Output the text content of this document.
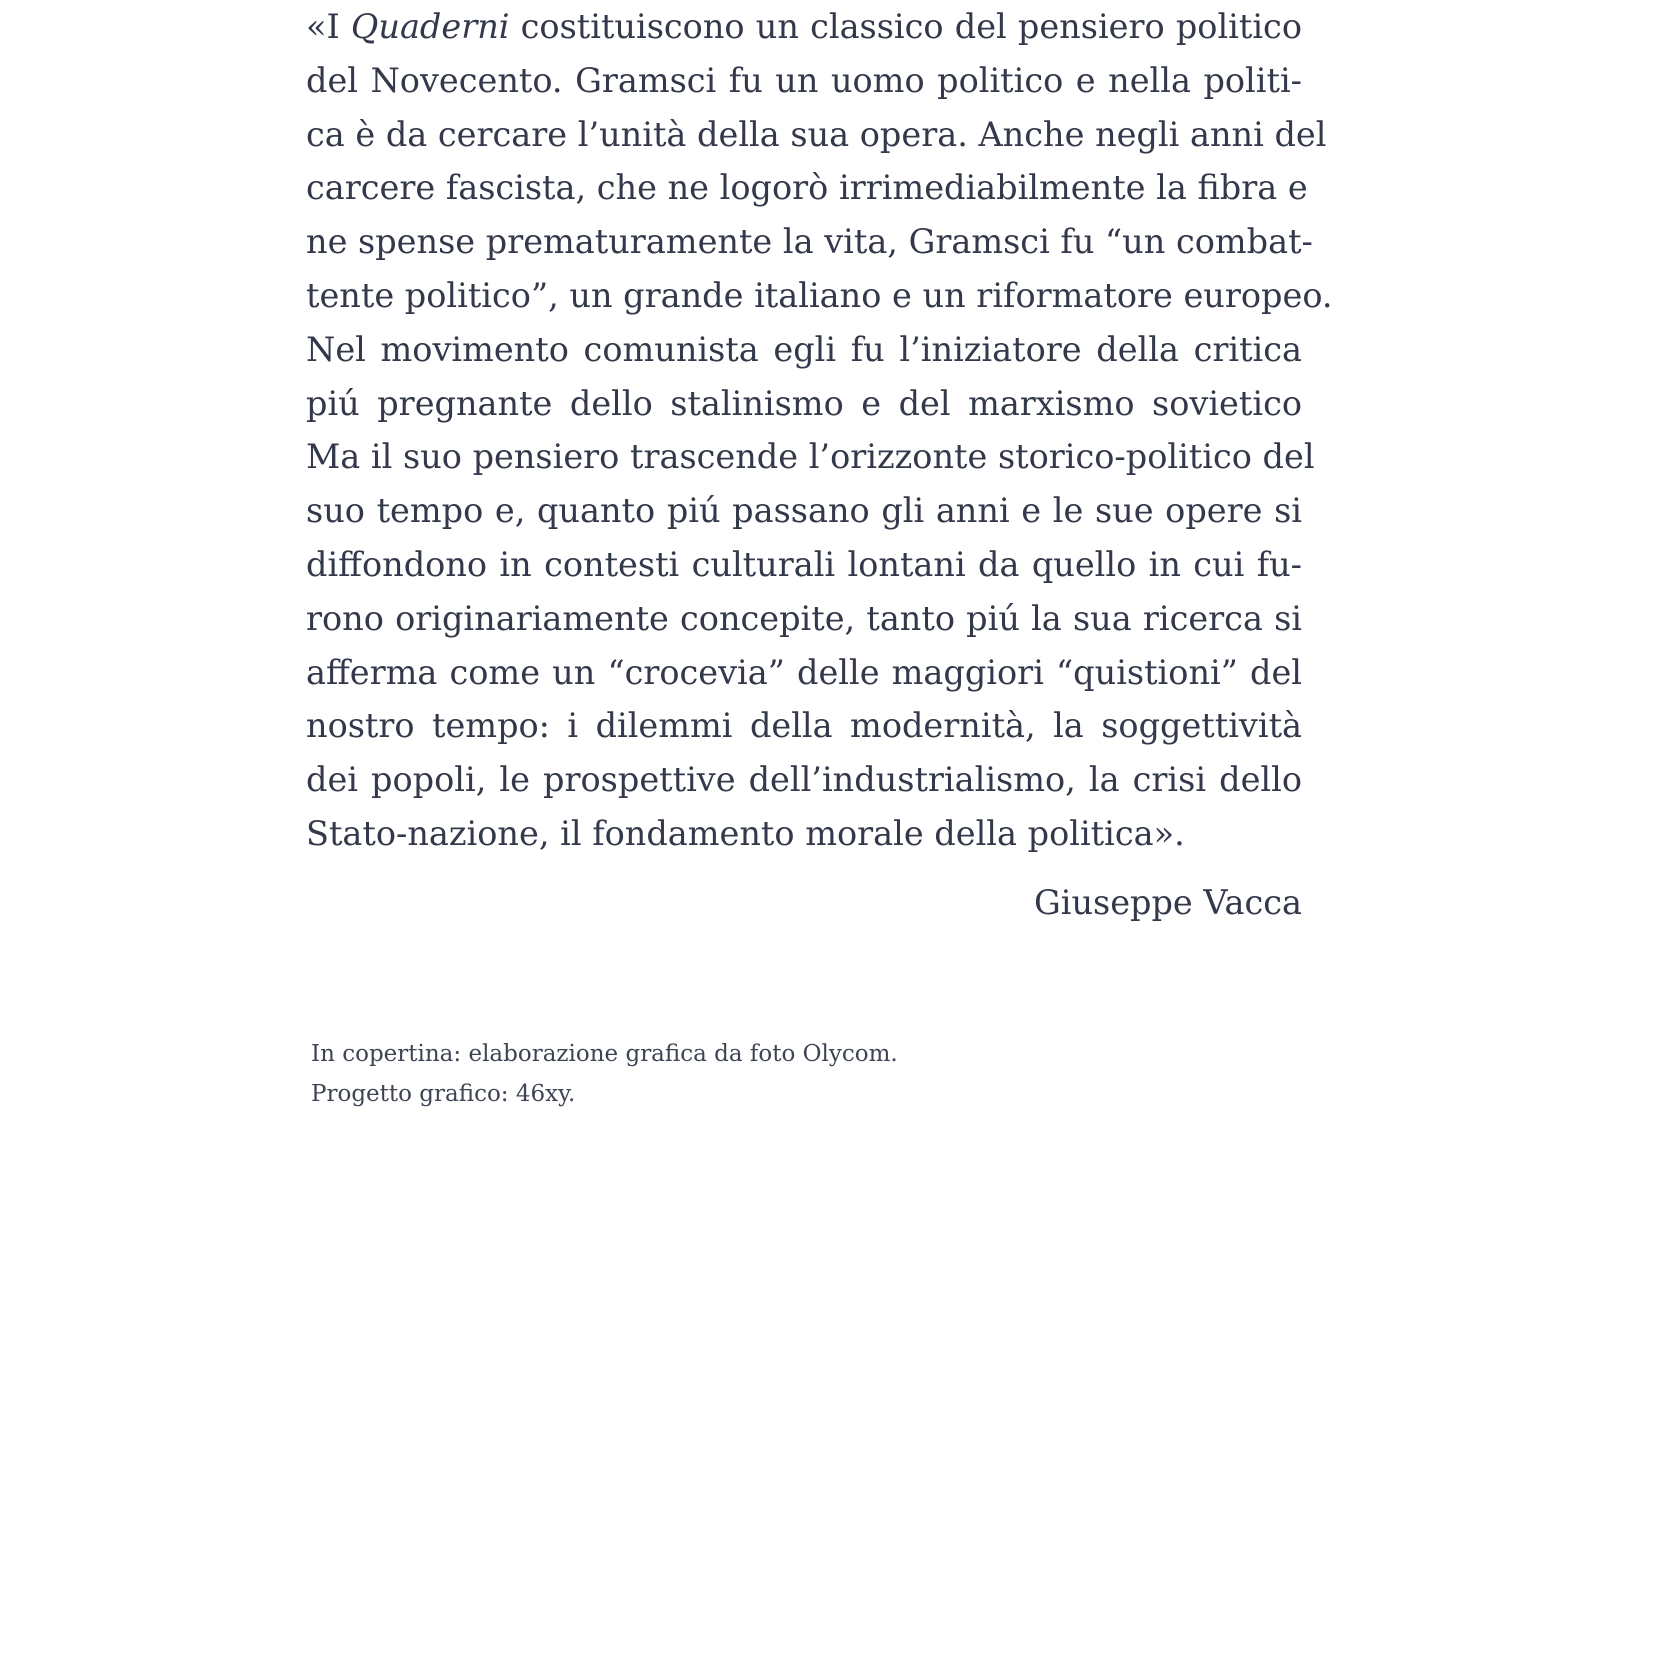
«I Quaderni costituiscono un classico del pensiero politico
del Novecento. Gramsci fu un uomo politico e nella politi-
ca è da cercare l’unità della sua opera. Anche negli anni del
carcere fascista, che ne logorò irrimediabilmente la fibra e
ne spense prematuramente la vita, Gramsci fu “un combat-
tente politico”, un grande italiano e un riformatore europeo.
Nel movimento comunista egli fu l’iniziatore della critica
piú pregnante dello stalinismo e del marxismo sovietico
Ma il suo pensiero trascende l’orizzonte storico-politico del
suo tempo e, quanto piú passano gli anni e le sue opere si
diffondono in contesti culturali lontani da quello in cui fu-
rono originariamente concepite, tanto piú la sua ricerca si
afferma come un “crocevia” delle maggiori “quistioni” del
nostro tempo: i dilemmi della modernità, la soggettività
dei popoli, le prospettive dell’industrialismo, la crisi dello
Stato-nazione, il fondamento morale della politica».
Giuseppe Vacca
In copertina: elaborazione grafica da foto Olycom.
Progetto grafico: 46xy.
